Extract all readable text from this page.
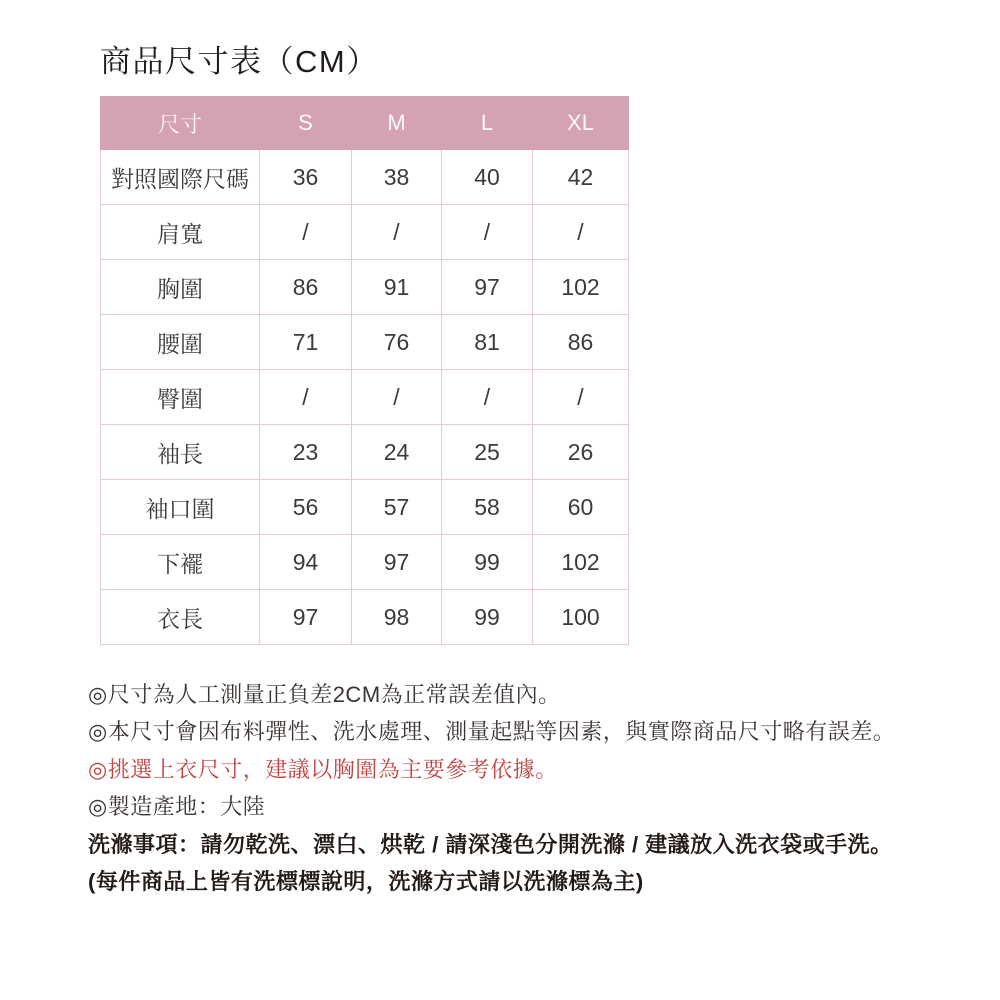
商品尺寸表（CM）
尺寸	S	M	L	XL
對照國際尺碼	36	38	40	42
肩寬	/	/	/	/
胸圍	86	91	97	102
腰圍	71	76	81	86
臀圍	/	/	/	/
袖長	23	24	25	26
袖口圍	56	57	58	60
下襬	94	97	99	102
衣長	97	98	99	100

◎尺寸為人工測量正負差2CM為正常誤差值內。

◎本尺寸會因布料彈性、洗水處理、測量起點等因素，與實際商品尺寸略有誤差。

◎挑選上衣尺寸，建議以胸圍為主要參考依據。

◎製造產地：大陸

洗滌事項：請勿乾洗、漂白、烘乾 / 請深淺色分開洗滌 / 建議放入洗衣袋或手洗。

(每件商品上皆有洗標標說明，洗滌方式請以洗滌標為主)
